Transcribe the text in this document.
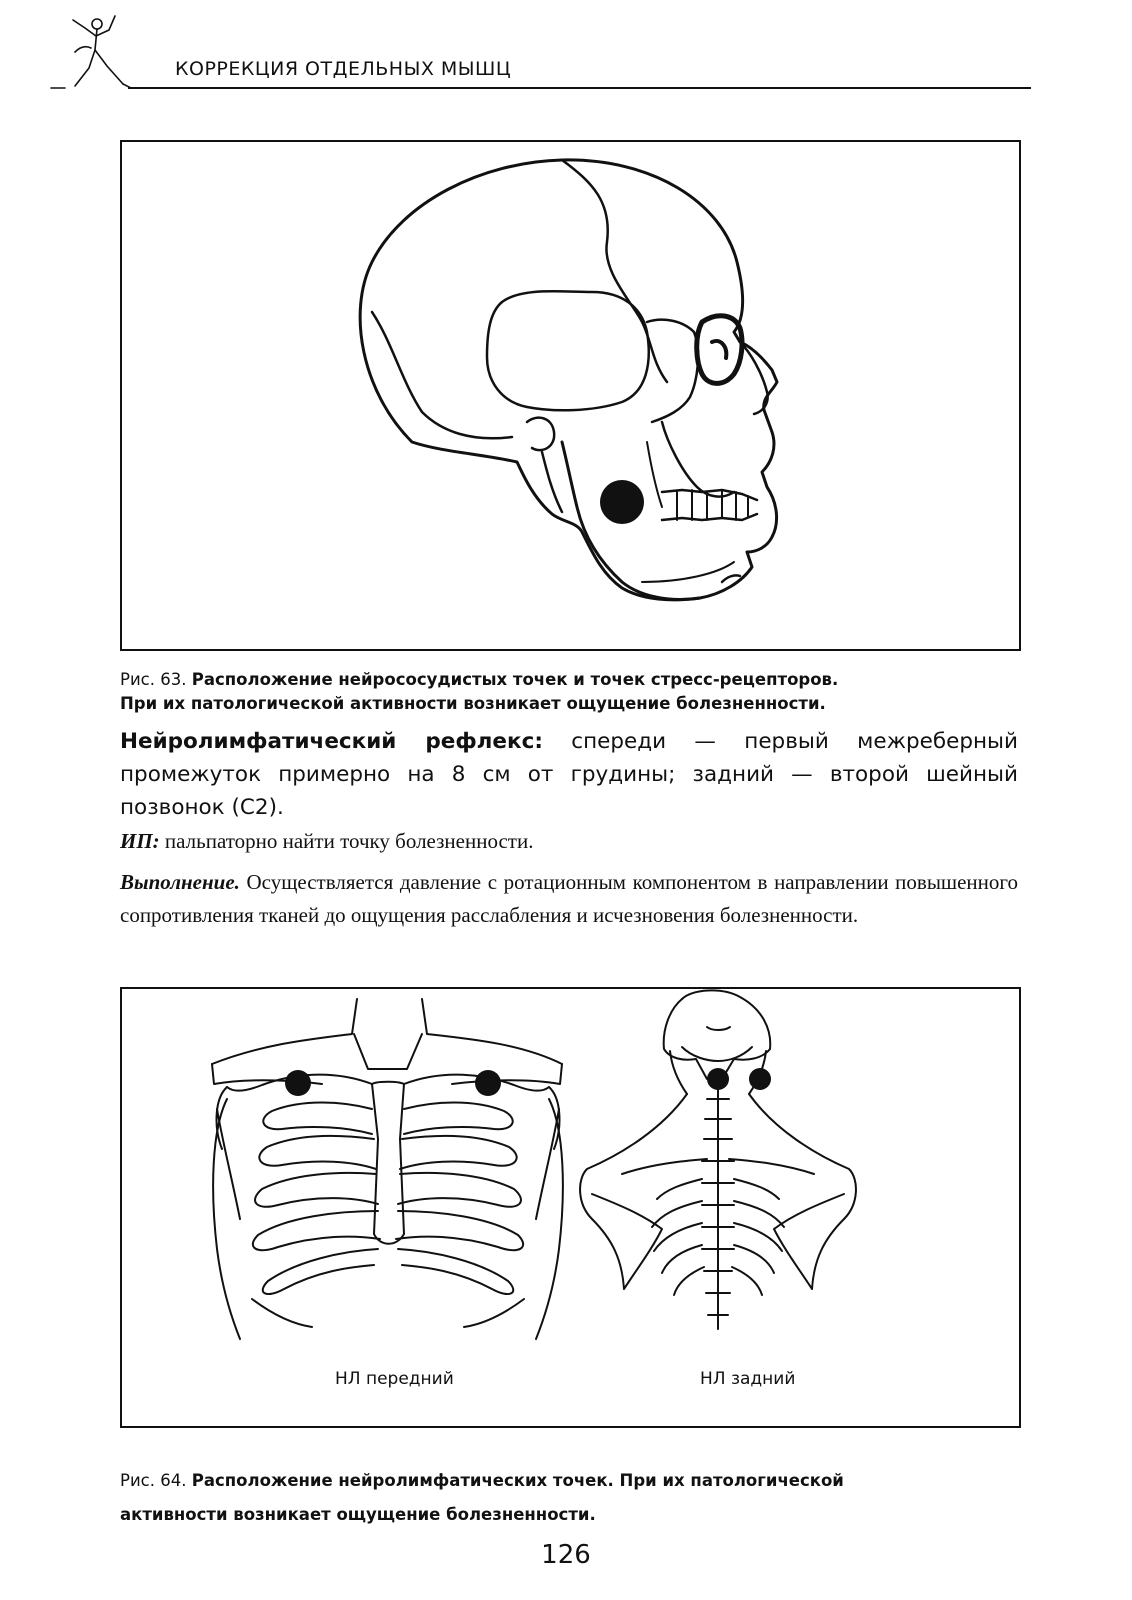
КОРРЕКЦИЯ ОТДЕЛЬНЫХ МЫШЦ
Рис. 63. Расположение нейрососудистых точек и точек стресс-рецепторов.
При их патологической активности возникает ощущение болезненности.
Нейролимфатический рефлекс: спереди — первый межреберный промежуток примерно на 8 см от грудины; задний — второй шейный позвонок (С2).
ИП: пальпаторно найти точку болезненности.
Выполнение. Осуществляется давление с ротационным компонентом в направлении повышенного сопротивления тканей до ощущения расслабления и исчезновения болезненности.
НЛ передний	НЛ задний
Рис. 64. Расположение нейролимфатических точек. При их патологической
активности возникает ощущение болезненности.
126
